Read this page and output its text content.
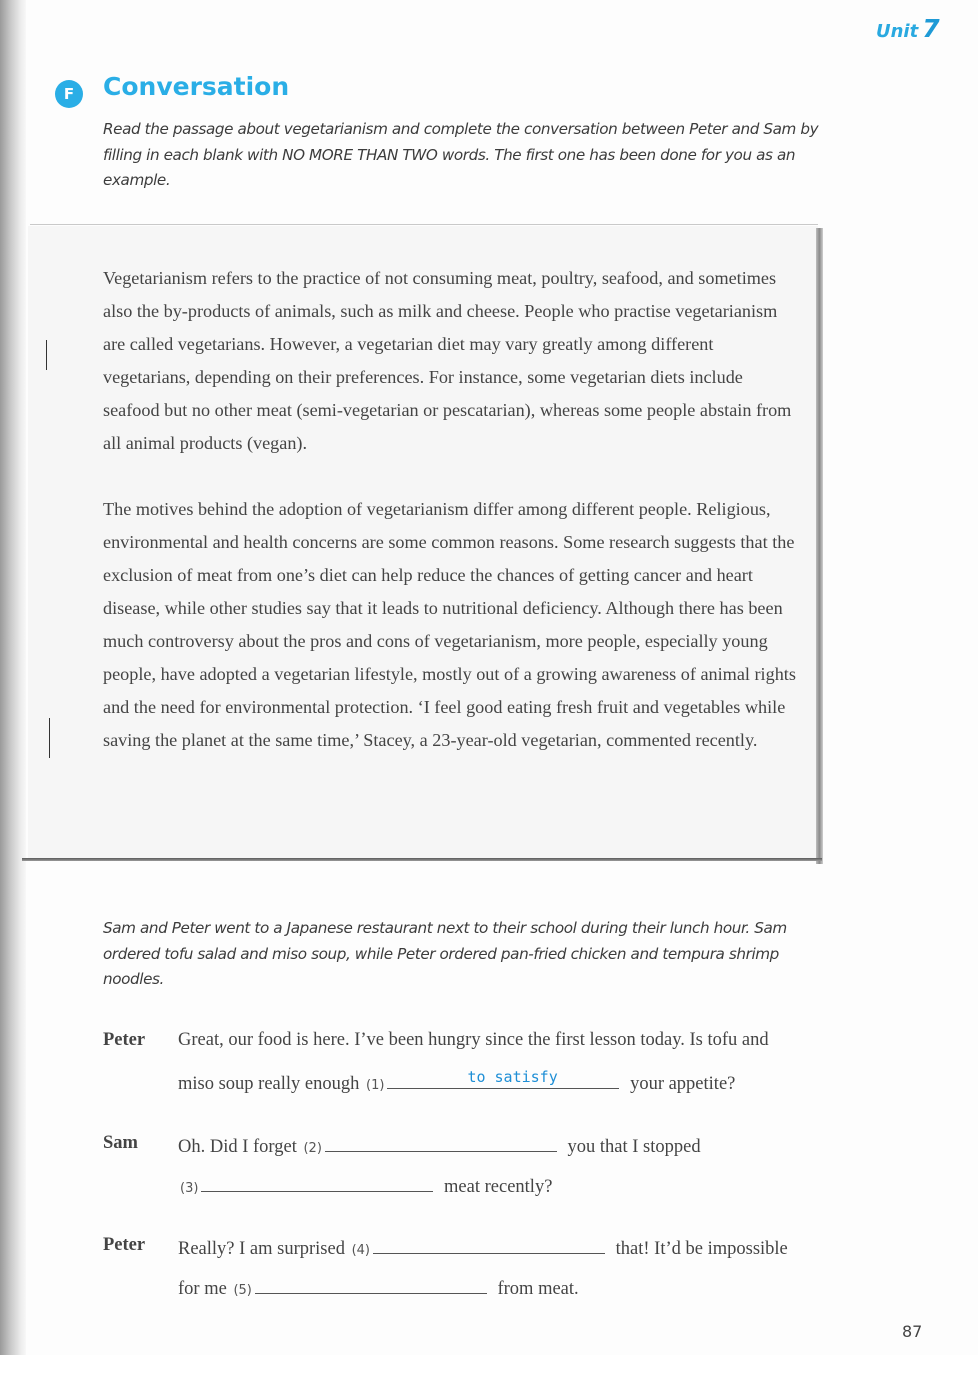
Unit 7
F	Conversation
Read the passage about vegetarianism and complete the conversation between Peter and Sam by filling in each blank with NO MORE THAN TWO words. The first one has been done for you as an example.

Vegetarianism refers to the practice of not consuming meat, poultry, seafood, and sometimes also the by-products of animals, such as milk and cheese. People who practise vegetarianism are called vegetarians. However, a vegetarian diet may vary greatly among different vegetarians, depending on their preferences. For instance, some vegetarian diets include seafood but no other meat (semi-vegetarian or pescatarian), whereas some people abstain from all animal products (vegan).

The motives behind the adoption of vegetarianism differ among different people. Religious, environmental and health concerns are some common reasons. Some research suggests that the exclusion of meat from one’s diet can help reduce the chances of getting cancer and heart disease, while other studies say that it leads to nutritional deficiency. Although there has been much controversy about the pros and cons of vegetarianism, more people, especially young people, have adopted a vegetarian lifestyle, mostly out of a growing awareness of animal rights and the need for environmental protection. ‘I feel good eating fresh fruit and vegetables while saving the planet at the same time,’ Stacey, a 23-year-old vegetarian, commented recently.

Sam and Peter went to a Japanese restaurant next to their school during their lunch hour. Sam ordered tofu salad and miso soup, while Peter ordered pan-fried chicken and tempura shrimp noodles.
Peter Great, our food is here. I’ve been hungry since the first lesson today. Is tofu and
miso soup really enough (1)	to satisfy	your appetite?
Sam Oh. Did I forget (2)	you that I stopped
(3)	meat recently?
Peter Really? I am surprised (4)	that! It’d be impossible
for me (5)	from meat.
87
